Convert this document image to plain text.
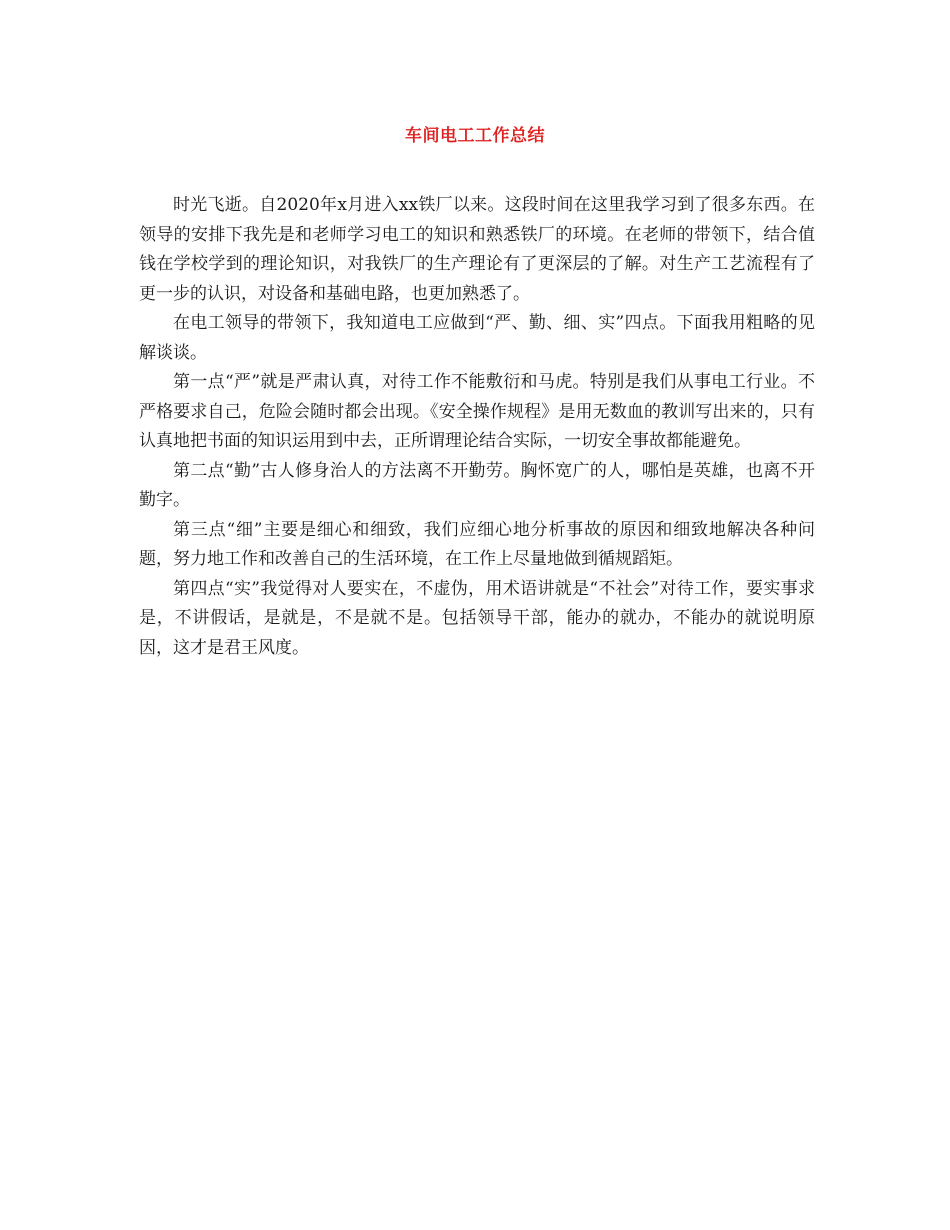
车间电工工作总结

时光飞逝。自2020年x月进入xx铁厂以来。这段时间在这里我学习到了很多东西。在领导的安排下我先是和老师学习电工的知识和熟悉铁厂的环境。在老师的带领下，结合值钱在学校学到的理论知识，对我铁厂的生产理论有了更深层的了解。对生产工艺流程有了更一步的认识，对设备和基础电路，也更加熟悉了。

在电工领导的带领下，我知道电工应做到“严、勤、细、实”四点。下面我用粗略的见解谈谈。

第一点“严”就是严肃认真，对待工作不能敷衍和马虎。特别是我们从事电工行业。不严格要求自己，危险会随时都会出现。《安全操作规程》是用无数血的教训写出来的，只有认真地把书面的知识运用到中去，正所谓理论结合实际，一切安全事故都能避免。

第二点“勤”古人修身治人的方法离不开勤劳。胸怀宽广的人，哪怕是英雄，也离不开勤字。

第三点“细”主要是细心和细致，我们应细心地分析事故的原因和细致地解决各种问题，努力地工作和改善自己的生活环境，在工作上尽量地做到循规蹈矩。

第四点“实”我觉得对人要实在，不虚伪，用术语讲就是“不社会”对待工作，要实事求是，不讲假话，是就是，不是就不是。包括领导干部，能办的就办，不能办的就说明原因，这才是君王风度。
